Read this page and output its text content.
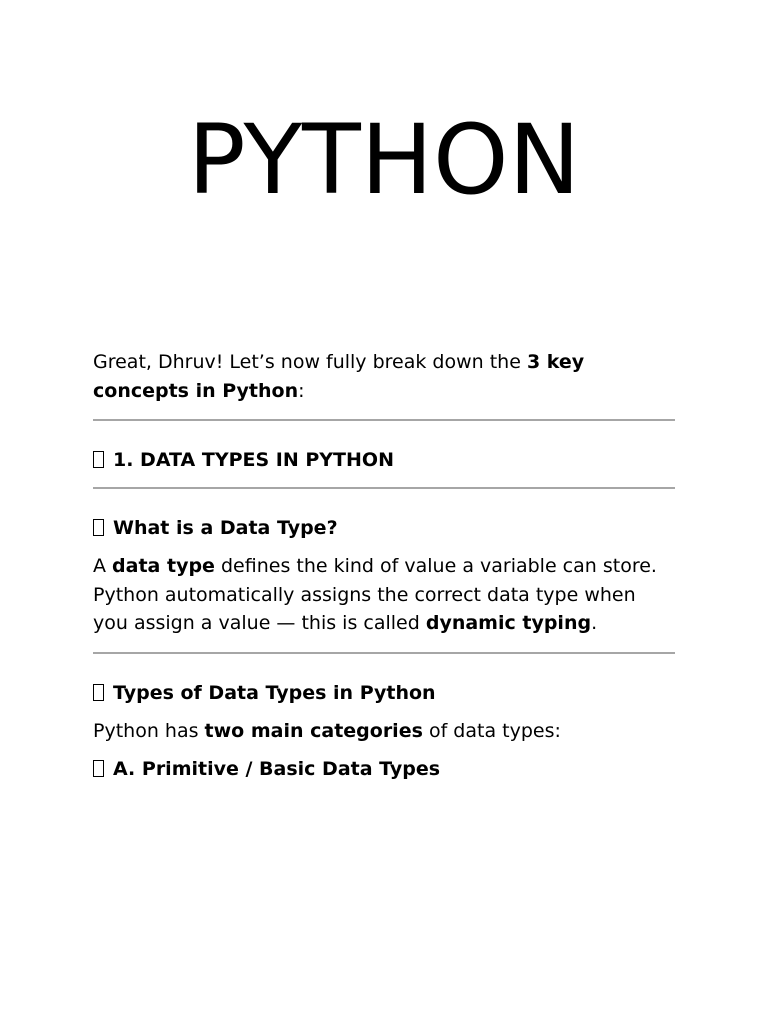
PYTHON

Great, Dhruv! Let’s now fully break down the 3 key concepts in Python:

1. DATA TYPES IN PYTHON

What is a Data Type?

A data type defines the kind of value a variable can store.

Python automatically assigns the correct data type when you assign a value — this is called dynamic typing.

Types of Data Types in Python

Python has two main categories of data types:

A. Primitive / Basic Data Types
